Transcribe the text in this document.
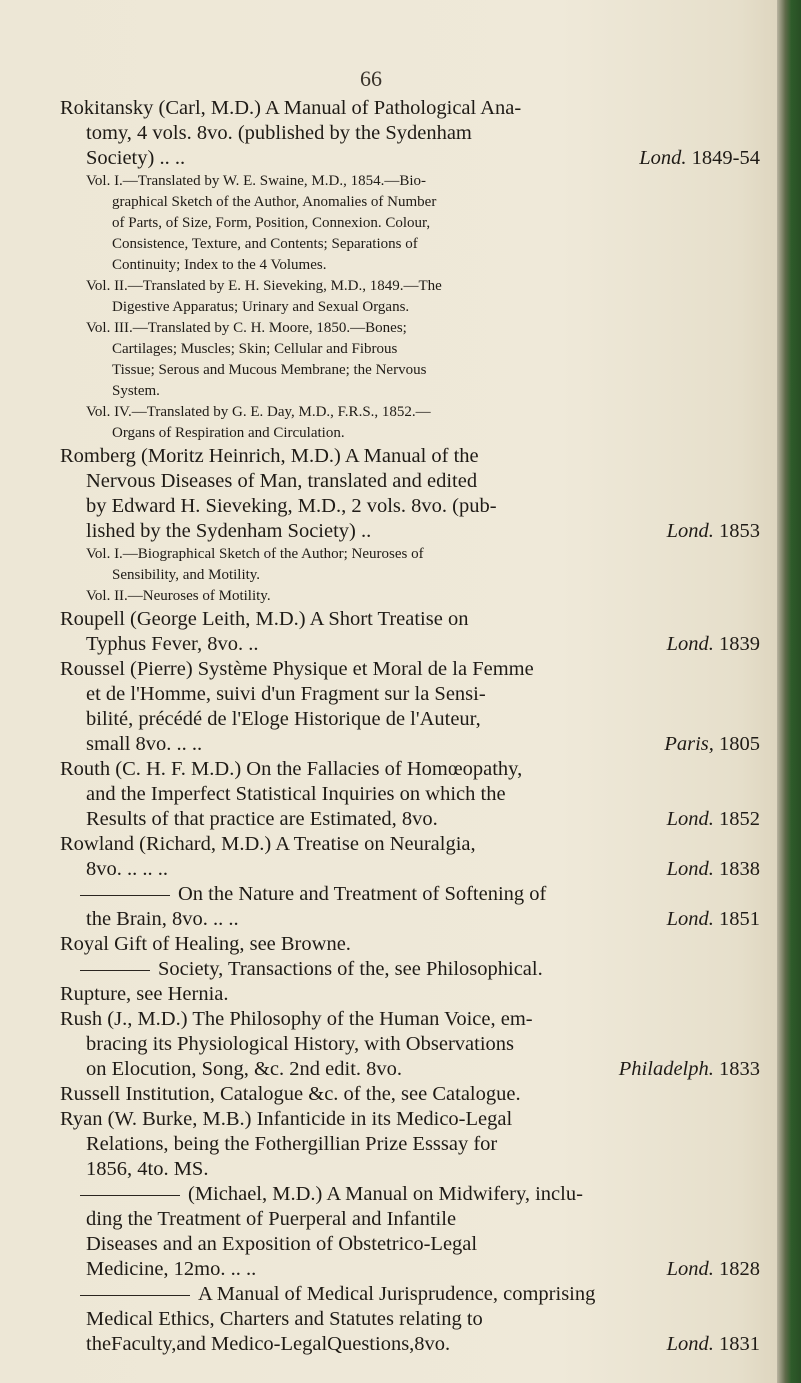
66
Rokitansky (Carl, M.D.) A Manual of Pathological Ana-
tomy, 4 vols. 8vo. (published by the Sydenham
Society) .. ..	Lond. 1849-54
Vol. I.—Translated by W. E. Swaine, M.D., 1854.—Bio-
graphical Sketch of the Author, Anomalies of Number
of Parts, of Size, Form, Position, Connexion. Colour,
Consistence, Texture, and Contents; Separations of
Continuity; Index to the 4 Volumes.
Vol. II.—Translated by E. H. Sieveking, M.D., 1849.—The
Digestive Apparatus; Urinary and Sexual Organs.
Vol. III.—Translated by C. H. Moore, 1850.—Bones;
Cartilages; Muscles; Skin; Cellular and Fibrous
Tissue; Serous and Mucous Membrane; the Nervous
System.
Vol. IV.—Translated by G. E. Day, M.D., F.R.S., 1852.—
Organs of Respiration and Circulation.
Romberg (Moritz Heinrich, M.D.) A Manual of the
Nervous Diseases of Man, translated and edited
by Edward H. Sieveking, M.D., 2 vols. 8vo. (pub-
lished by the Sydenham Society) ..	Lond. 1853
Vol. I.—Biographical Sketch of the Author; Neuroses of
Sensibility, and Motility.
Vol. II.—Neuroses of Motility.
Roupell (George Leith, M.D.) A Short Treatise on
Typhus Fever, 8vo. ..	Lond. 1839
Roussel (Pierre) Système Physique et Moral de la Femme
et de l'Homme, suivi d'un Fragment sur la Sensi-
bilité, précédé de l'Eloge Historique de l'Auteur,
small 8vo. .. ..	Paris, 1805
Routh (C. H. F. M.D.) On the Fallacies of Homœopathy,
and the Imperfect Statistical Inquiries on which the
Results of that practice are Estimated, 8vo.	Lond. 1852
Rowland (Richard, M.D.) A Treatise on Neuralgia,
8vo. .. .. ..	Lond. 1838
On the Nature and Treatment of Softening of
the Brain, 8vo. .. ..	Lond. 1851
Royal Gift of Healing, see Browne.
Society, Transactions of the, see Philosophical.
Rupture, see Hernia.
Rush (J., M.D.) The Philosophy of the Human Voice, em-
bracing its Physiological History, with Observations
on Elocution, Song, &c. 2nd edit. 8vo.	Philadelph. 1833
Russell Institution, Catalogue &c. of the, see Catalogue.
Ryan (W. Burke, M.B.) Infanticide in its Medico-Legal
Relations, being the Fothergillian Prize Esssay for
1856, 4to. MS.
(Michael, M.D.) A Manual on Midwifery, inclu-
ding the Treatment of Puerperal and Infantile
Diseases and an Exposition of Obstetrico-Legal
Medicine, 12mo. .. ..	Lond. 1828
A Manual of Medical Jurisprudence, comprising
Medical Ethics, Charters and Statutes relating to
theFaculty,and Medico-LegalQuestions,8vo.	Lond. 1831
